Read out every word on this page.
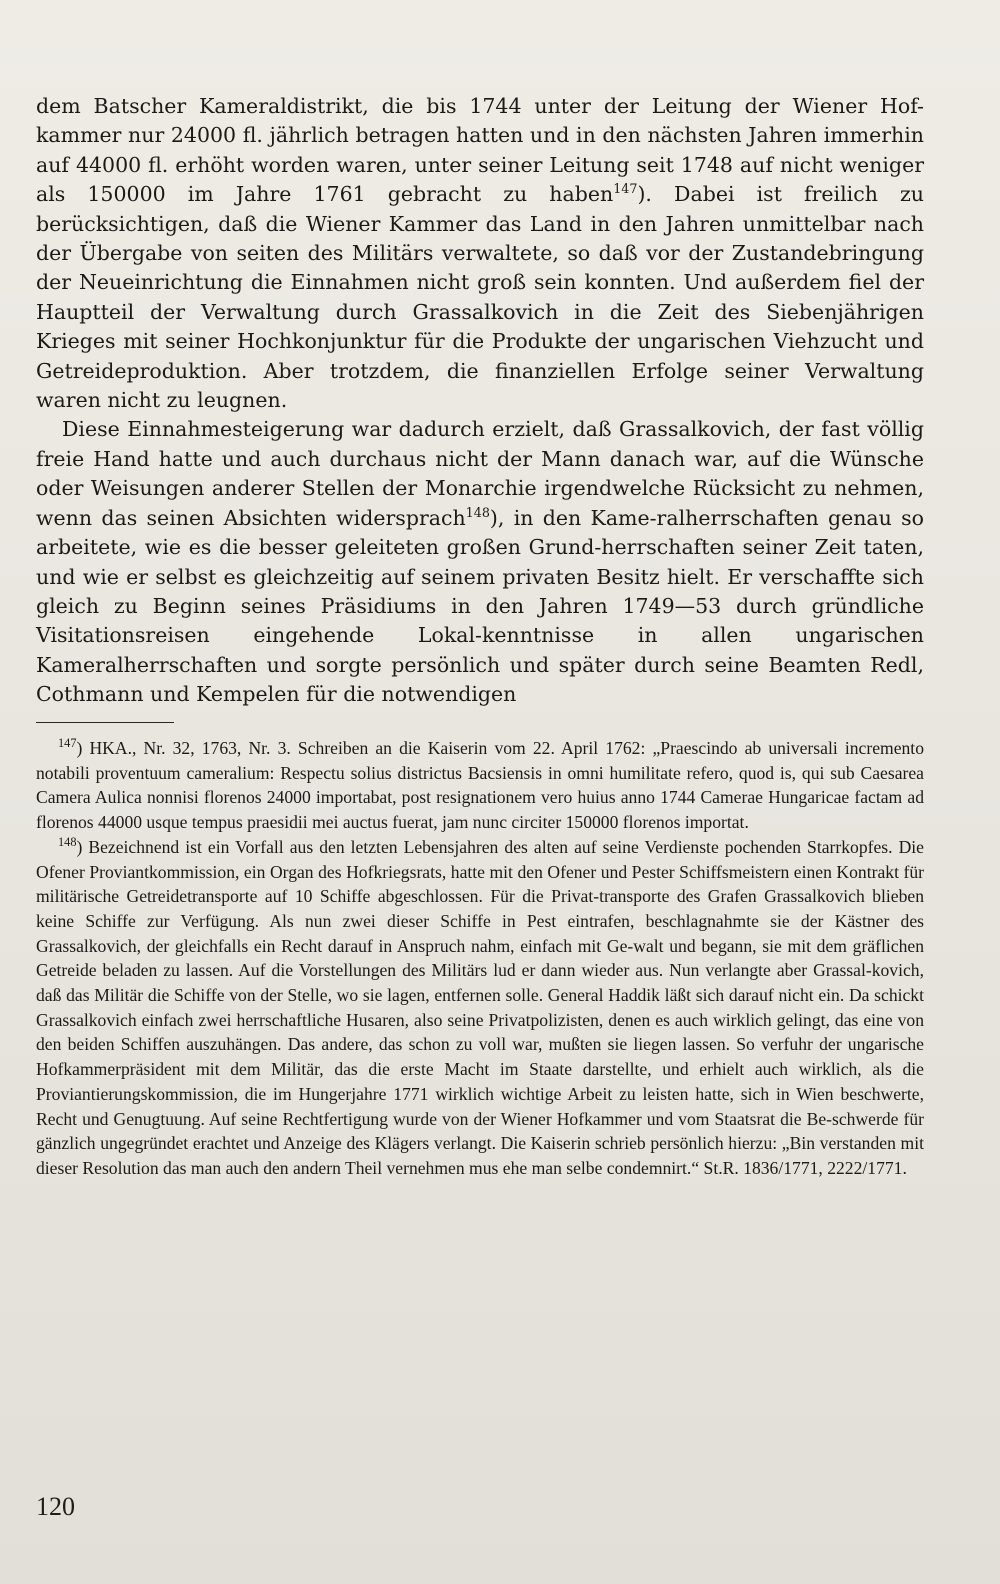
dem Batscher Kameraldistrikt, die bis 1744 unter der Leitung der Wiener Hof-kammer nur 24000 fl. jährlich betragen hatten und in den nächsten Jahren immerhin auf 44000 fl. erhöht worden waren, unter seiner Leitung seit 1748 auf nicht weniger als 150000 im Jahre 1761 gebracht zu haben$^{147}$). Dabei ist freilich zu berücksichtigen, daß die Wiener Kammer das Land in den Jahren unmittelbar nach der Übergabe von seiten des Militärs verwaltete, so daß vor der Zustandebringung der Neueinrichtung die Einnahmen nicht groß sein konnten. Und außerdem fiel der Hauptteil der Verwaltung durch Grassalkovich in die Zeit des Siebenjährigen Krieges mit seiner Hochkonjunktur für die Produkte der ungarischen Viehzucht und Getreideproduktion. Aber trotzdem, die finanziellen Erfolge seiner Verwaltung waren nicht zu leugnen.

Diese Einnahmesteigerung war dadurch erzielt, daß Grassalkovich, der fast völlig freie Hand hatte und auch durchaus nicht der Mann danach war, auf die Wünsche oder Weisungen anderer Stellen der Monarchie irgendwelche Rücksicht zu nehmen, wenn das seinen Absichten widersprach$^{148}$), in den Kame-ralherrschaften genau so arbeitete, wie es die besser geleiteten großen Grund-herrschaften seiner Zeit taten, und wie er selbst es gleichzeitig auf seinem privaten Besitz hielt. Er verschaffte sich gleich zu Beginn seines Präsidiums in den Jahren 1749—53 durch gründliche Visitationsreisen eingehende Lokal-kenntnisse in allen ungarischen Kameralherrschaften und sorgte persönlich und später durch seine Beamten Redl, Cothmann und Kempelen für die notwendigen

$^{147}$) HKA., Nr. 32, 1763, Nr. 3. Schreiben an die Kaiserin vom 22. April 1762: „Praescindo ab universali incremento notabili proventuum cameralium: Respectu solius districtus Bacsiensis in omni humilitate refero, quod is, qui sub Caesarea Camera Aulica nonnisi florenos 24000 importabat, post resignationem vero huius anno 1744 Camerae Hungaricae factam ad florenos 44000 usque tempus praesidii mei auctus fuerat, jam nunc circiter 150000 florenos importat.

$^{148}$) Bezeichnend ist ein Vorfall aus den letzten Lebensjahren des alten auf seine Verdienste pochenden Starrkopfes. Die Ofener Proviantkommission, ein Organ des Hofkriegsrats, hatte mit den Ofener und Pester Schiffsmeistern einen Kontrakt für militärische Getreidetransporte auf 10 Schiffe abgeschlossen. Für die Privat-transporte des Grafen Grassalkovich blieben keine Schiffe zur Verfügung. Als nun zwei dieser Schiffe in Pest eintrafen, beschlagnahmte sie der Kästner des Grassalkovich, der gleichfalls ein Recht darauf in Anspruch nahm, einfach mit Ge-walt und begann, sie mit dem gräflichen Getreide beladen zu lassen. Auf die Vorstellungen des Militärs lud er dann wieder aus. Nun verlangte aber Grassal-kovich, daß das Militär die Schiffe von der Stelle, wo sie lagen, entfernen solle. General Haddik läßt sich darauf nicht ein. Da schickt Grassalkovich einfach zwei herrschaftliche Husaren, also seine Privatpolizisten, denen es auch wirklich gelingt, das eine von den beiden Schiffen auszuhängen. Das andere, das schon zu voll war, mußten sie liegen lassen. So verfuhr der ungarische Hofkammerpräsident mit dem Militär, das die erste Macht im Staate darstellte, und erhielt auch wirklich, als die Proviantierungskommission, die im Hungerjahre 1771 wirklich wichtige Arbeit zu leisten hatte, sich in Wien beschwerte, Recht und Genugtuung. Auf seine Rechtfertigung wurde von der Wiener Hofkammer und vom Staatsrat die Be-schwerde für gänzlich ungegründet erachtet und Anzeige des Klägers verlangt. Die Kaiserin schrieb persönlich hierzu: „Bin verstanden mit dieser Resolution das man auch den andern Theil vernehmen mus ehe man selbe condemnirt.“ St.R. 1836/1771, 2222/1771.

120
